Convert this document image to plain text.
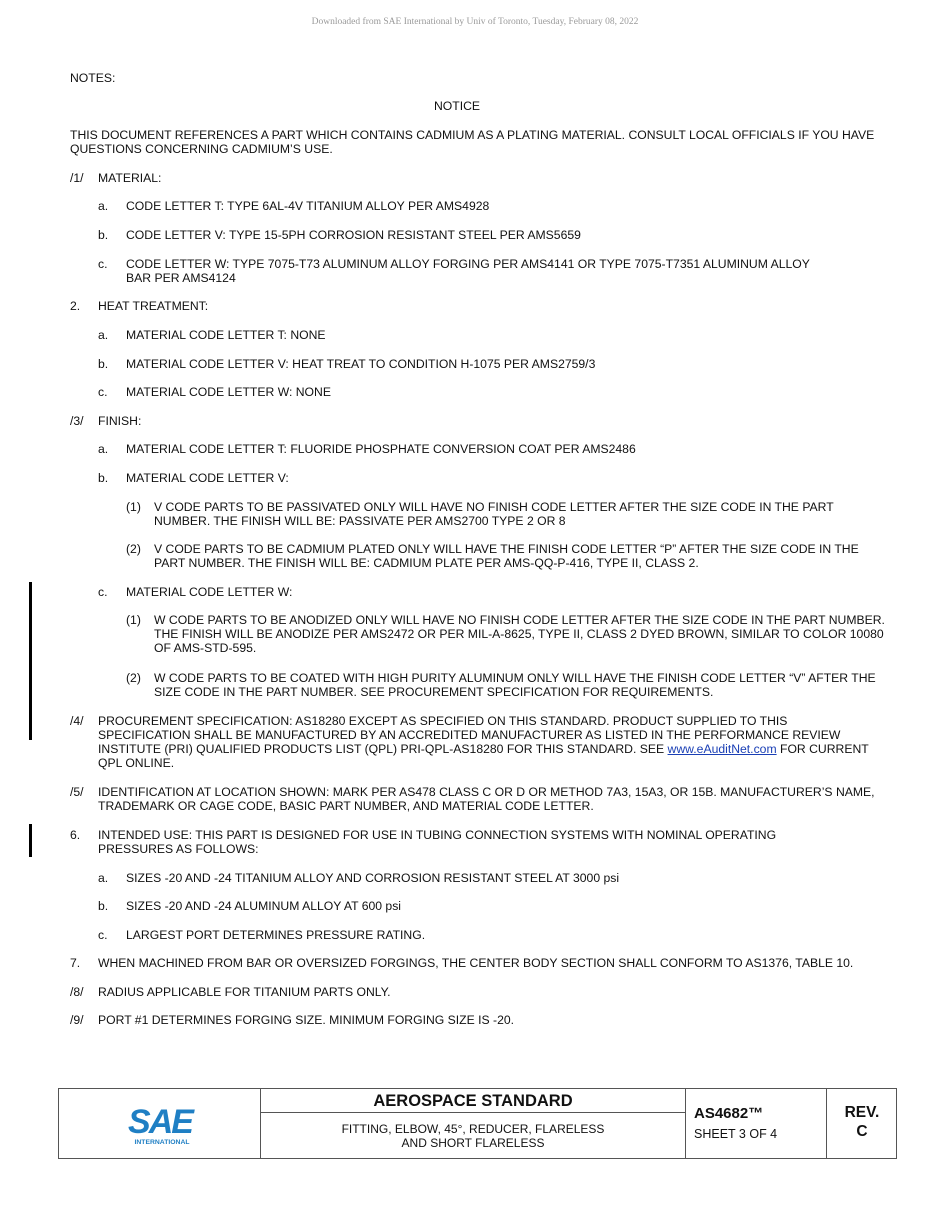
Downloaded from SAE International by Univ of Toronto, Tuesday, February 08, 2022
NOTES:
NOTICE
THIS DOCUMENT REFERENCES A PART WHICH CONTAINS CADMIUM AS A PLATING MATERIAL. CONSULT LOCAL OFFICIALS IF YOU HAVE QUESTIONS CONCERNING CADMIUM’S USE.
/1/ MATERIAL:
a. CODE LETTER T: TYPE 6AL-4V TITANIUM ALLOY PER AMS4928
b. CODE LETTER V: TYPE 15-5PH CORROSION RESISTANT STEEL PER AMS5659
c. CODE LETTER W: TYPE 7075-T73 ALUMINUM ALLOY FORGING PER AMS4141 OR TYPE 7075-T7351 ALUMINUM ALLOY BAR PER AMS4124
2. HEAT TREATMENT:
a. MATERIAL CODE LETTER T: NONE
b. MATERIAL CODE LETTER V: HEAT TREAT TO CONDITION H-1075 PER AMS2759/3
c. MATERIAL CODE LETTER W: NONE
/3/ FINISH:
a. MATERIAL CODE LETTER T: FLUORIDE PHOSPHATE CONVERSION COAT PER AMS2486
b. MATERIAL CODE LETTER V:
(1) V CODE PARTS TO BE PASSIVATED ONLY WILL HAVE NO FINISH CODE LETTER AFTER THE SIZE CODE IN THE PART NUMBER. THE FINISH WILL BE: PASSIVATE PER AMS2700 TYPE 2 OR 8
(2) V CODE PARTS TO BE CADMIUM PLATED ONLY WILL HAVE THE FINISH CODE LETTER “P” AFTER THE SIZE CODE IN THE PART NUMBER. THE FINISH WILL BE: CADMIUM PLATE PER AMS-QQ-P-416, TYPE II, CLASS 2.
c. MATERIAL CODE LETTER W:
(1) W CODE PARTS TO BE ANODIZED ONLY WILL HAVE NO FINISH CODE LETTER AFTER THE SIZE CODE IN THE PART NUMBER. THE FINISH WILL BE ANODIZE PER AMS2472 OR PER MIL-A-8625, TYPE II, CLASS 2 DYED BROWN, SIMILAR TO COLOR 10080 OF AMS-STD-595.
(2) W CODE PARTS TO BE COATED WITH HIGH PURITY ALUMINUM ONLY WILL HAVE THE FINISH CODE LETTER “V” AFTER THE SIZE CODE IN THE PART NUMBER. SEE PROCUREMENT SPECIFICATION FOR REQUIREMENTS.
/4/ PROCUREMENT SPECIFICATION: AS18280 EXCEPT AS SPECIFIED ON THIS STANDARD. PRODUCT SUPPLIED TO THIS SPECIFICATION SHALL BE MANUFACTURED BY AN ACCREDITED MANUFACTURER AS LISTED IN THE PERFORMANCE REVIEW INSTITUTE (PRI) QUALIFIED PRODUCTS LIST (QPL) PRI-QPL-AS18280 FOR THIS STANDARD. SEE www.eAuditNet.com FOR CURRENT QPL ONLINE.
/5/ IDENTIFICATION AT LOCATION SHOWN: MARK PER AS478 CLASS C OR D OR METHOD 7A3, 15A3, OR 15B. MANUFACTURER’S NAME, TRADEMARK OR CAGE CODE, BASIC PART NUMBER, AND MATERIAL CODE LETTER.
6. INTENDED USE: THIS PART IS DESIGNED FOR USE IN TUBING CONNECTION SYSTEMS WITH NOMINAL OPERATING PRESSURES AS FOLLOWS:
a. SIZES -20 AND -24 TITANIUM ALLOY AND CORROSION RESISTANT STEEL AT 3000 psi
b. SIZES -20 AND -24 ALUMINUM ALLOY AT 600 psi
c. LARGEST PORT DETERMINES PRESSURE RATING.
7. WHEN MACHINED FROM BAR OR OVERSIZED FORGINGS, THE CENTER BODY SECTION SHALL CONFORM TO AS1376, TABLE 10.
/8/ RADIUS APPLICABLE FOR TITANIUM PARTS ONLY.
/9/ PORT #1 DETERMINES FORGING SIZE. MINIMUM FORGING SIZE IS -20.
SAE
INTERNATIONAL
AEROSPACE STANDARD
FITTING, ELBOW, 45°, REDUCER, FLARELESS
AND SHORT FLARELESS
AS4682™
SHEET 3 OF 4
REV.
C
